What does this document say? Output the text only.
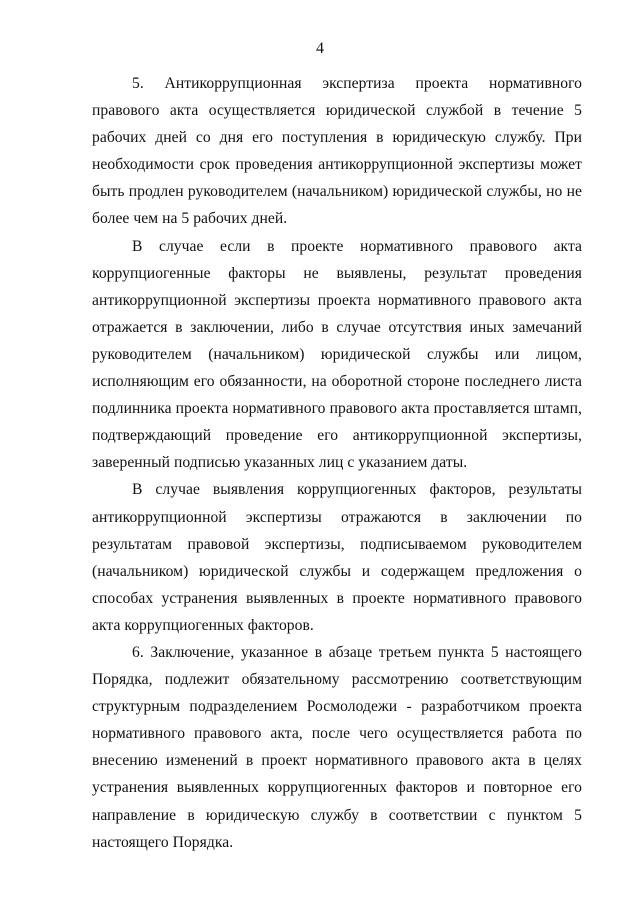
4

5. Антикоррупционная экспертиза проекта нормативного правового акта осуществляется юридической службой в течение 5 рабочих дней со дня его поступления в юридическую службу. При необходимости срок проведения антикоррупционной экспертизы может быть продлен руководителем (начальником) юридической службы, но не более чем на 5 рабочих дней.

В случае если в проекте нормативного правового акта коррупциогенные факторы не выявлены, результат проведения антикоррупционной экспертизы проекта нормативного правового акта отражается в заключении, либо в случае отсутствия иных замечаний руководителем (начальником) юридической службы или лицом, исполняющим его обязанности, на оборотной стороне последнего листа подлинника проекта нормативного правового акта проставляется штамп, подтверждающий проведение его антикоррупционной экспертизы, заверенный подписью указанных лиц с указанием даты.

В случае выявления коррупциогенных факторов, результаты антикоррупционной экспертизы отражаются в заключении по результатам правовой экспертизы, подписываемом руководителем (начальником) юридической службы и содержащем предложения о способах устранения выявленных в проекте нормативного правового акта коррупциогенных факторов.

6. Заключение, указанное в абзаце третьем пункта 5 настоящего Порядка, подлежит обязательному рассмотрению соответствующим структурным подразделением Росмолодежи - разработчиком проекта нормативного правового акта, после чего осуществляется работа по внесению изменений в проект нормативного правового акта в целях устранения выявленных коррупциогенных факторов и повторное его направление в юридическую службу в соответствии с пунктом 5 настоящего Порядка.
